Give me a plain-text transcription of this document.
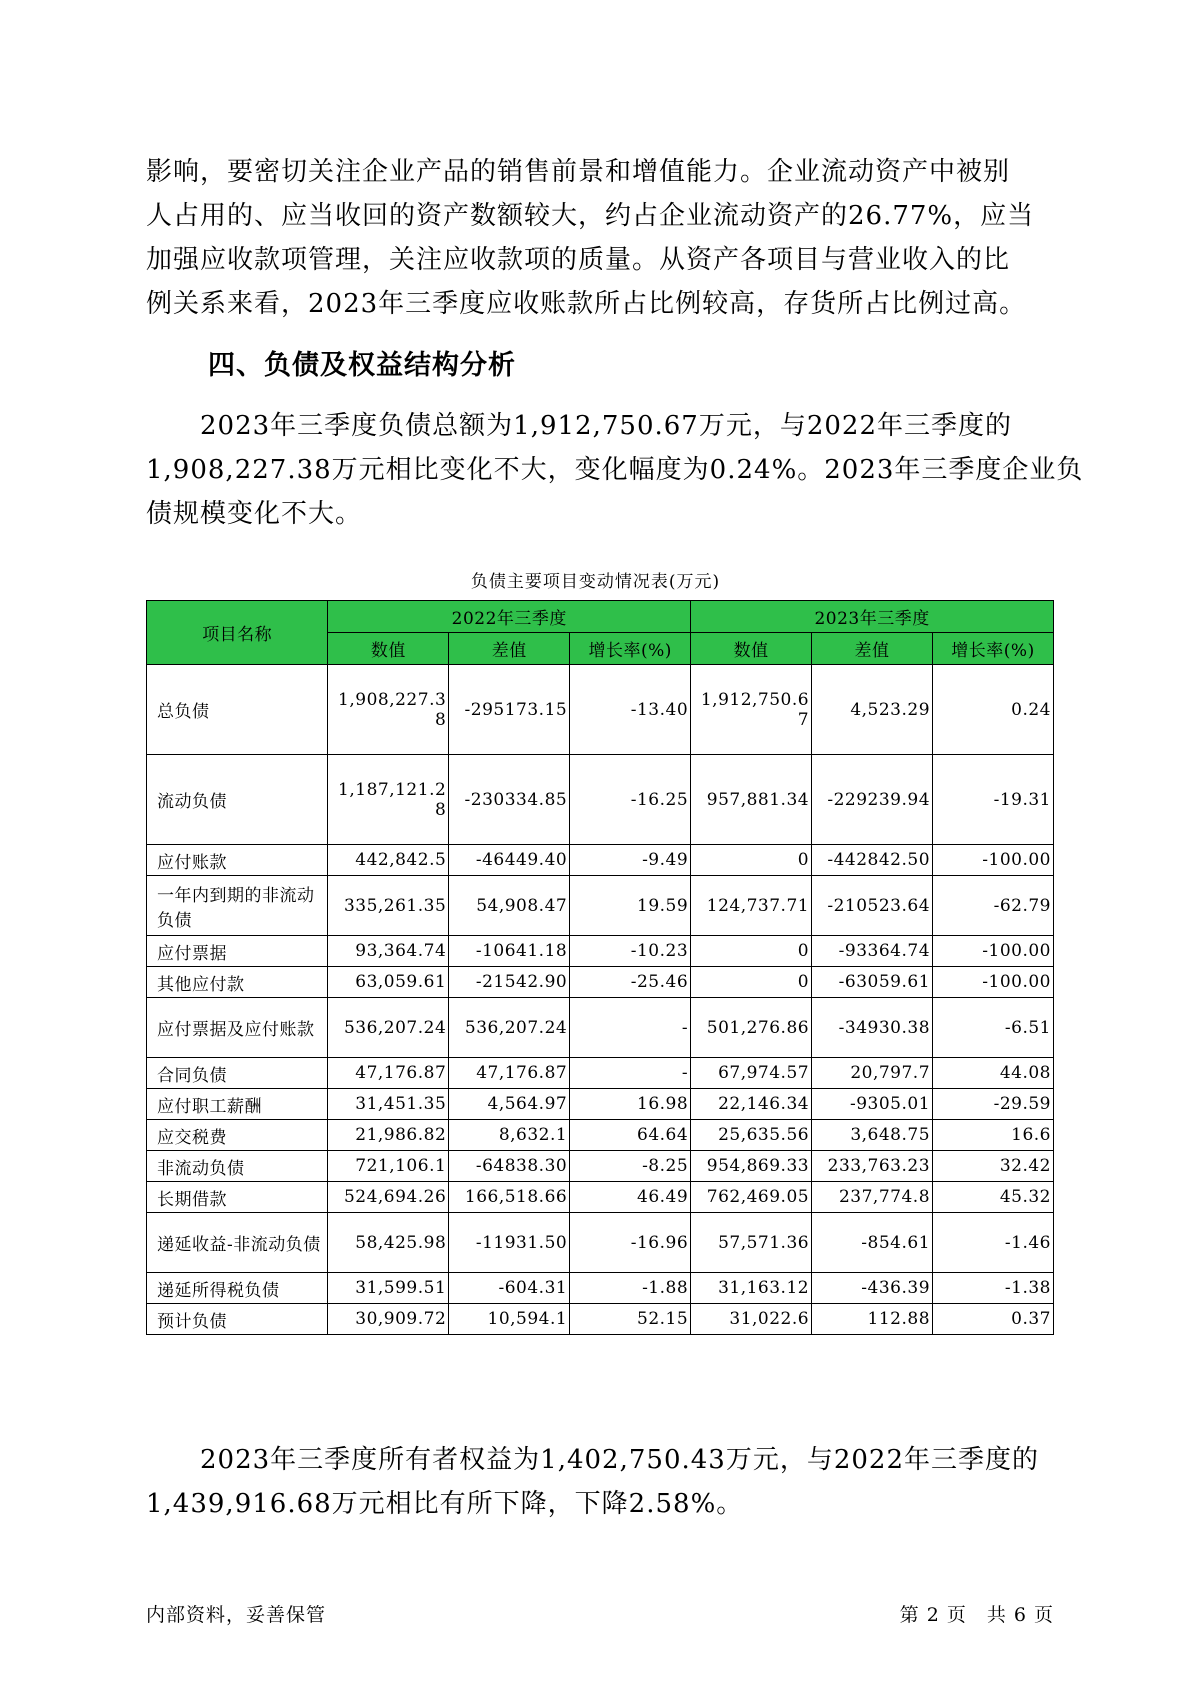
影响，要密切关注企业产品的销售前景和增值能力。企业流动资产中被别
人占用的、应当收回的资产数额较大，约占企业流动资产的26.77%，应当
加强应收款项管理，关注应收款项的质量。从资产各项目与营业收入的比
例关系来看，2023年三季度应收账款所占比例较高，存货所占比例过高。
四、负债及权益结构分析
　　2023年三季度负债总额为1,912,750.67万元，与2022年三季度的
1,908,227.38万元相比变化不大，变化幅度为0.24%。2023年三季度企业负
债规模变化不大。
负债主要项目变动情况表(万元)
项目名称	2022年三季度			2023年三季度		
	数值	差值	增长率(%)	数值	差值	增长率(%)
总负债	1,908,227.38	-295173.15	-13.40	1,912,750.67	4,523.29	0.24
流动负债	1,187,121.28	-230334.85	-16.25	957,881.34	-229239.94	-19.31
应付账款	442,842.5	-46449.40	-9.49	0	-442842.50	-100.00
一年内到期的非流动负债	335,261.35	54,908.47	19.59	124,737.71	-210523.64	-62.79
应付票据	93,364.74	-10641.18	-10.23	0	-93364.74	-100.00
其他应付款	63,059.61	-21542.90	-25.46	0	-63059.61	-100.00
应付票据及应付账款	536,207.24	536,207.24	-	501,276.86	-34930.38	-6.51
合同负债	47,176.87	47,176.87	-	67,974.57	20,797.7	44.08
应付职工薪酬	31,451.35	4,564.97	16.98	22,146.34	-9305.01	-29.59
应交税费	21,986.82	8,632.1	64.64	25,635.56	3,648.75	16.6
非流动负债	721,106.1	-64838.30	-8.25	954,869.33	233,763.23	32.42
长期借款	524,694.26	166,518.66	46.49	762,469.05	237,774.8	45.32
递延收益-非流动负债	58,425.98	-11931.50	-16.96	57,571.36	-854.61	-1.46
递延所得税负债	31,599.51	-604.31	-1.88	31,163.12	-436.39	-1.38
预计负债	30,909.72	10,594.1	52.15	31,022.6	112.88	0.37
　　2023年三季度所有者权益为1,402,750.43万元，与2022年三季度的
1,439,916.68万元相比有所下降，下降2.58%。
内部资料，妥善保管	第 2 页　共 6 页
